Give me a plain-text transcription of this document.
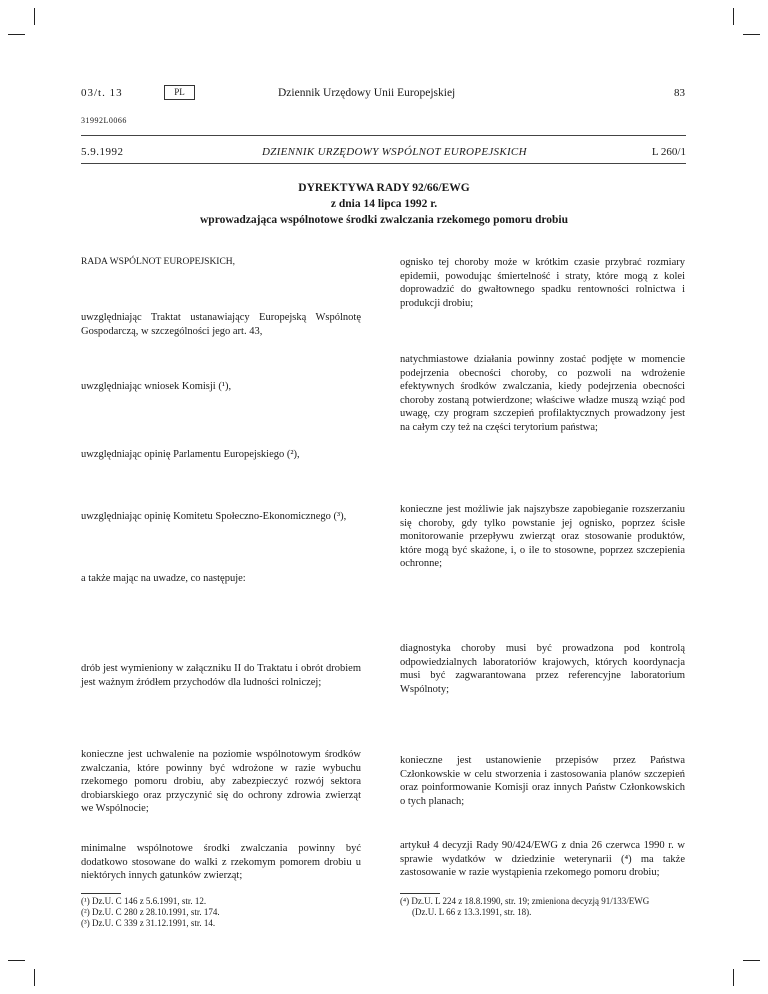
03/t. 13	PL	Dziennik Urzędowy Unii Europejskiej	83
31992L0066
5.9.1992	DZIENNIK URZĘDOWY WSPÓLNOT EUROPEJSKICH	L 260/1
DYREKTYWA RADY 92/66/EWG
z dnia 14 lipca 1992 r.
wprowadzająca wspólnotowe środki zwalczania rzekomego pomoru drobiu
RADA WSPÓLNOT EUROPEJSKICH,
uwzględniając Traktat ustanawiający Europejską Wspólnotę Gospodarczą, w szczególności jego art. 43,
uwzględniając wniosek Komisji (¹),
uwzględniając opinię Parlamentu Europejskiego (²),
uwzględniając opinię Komitetu Społeczno-Ekonomicznego (³),
a także mając na uwadze, co następuje:
drób jest wymieniony w załączniku II do Traktatu i obrót drobiem jest ważnym źródłem przychodów dla ludności rolniczej;
konieczne jest uchwalenie na poziomie wspólnotowym środków zwalczania, które powinny być wdrożone w razie wybuchu rzekomego pomoru drobiu, aby zabezpieczyć rozwój sektora drobiarskiego oraz przyczynić się do ochrony zdrowia zwierząt we Wspólnocie;
minimalne wspólnotowe środki zwalczania powinny być dodatkowo stosowane do walki z rzekomym pomorem drobiu u niektórych innych gatunków zwierząt;
ognisko tej choroby może w krótkim czasie przybrać rozmiary epidemii, powodując śmiertelność i straty, które mogą z kolei doprowadzić do gwałtownego spadku rentowności rolnictwa i produkcji drobiu;
natychmiastowe działania powinny zostać podjęte w momencie podejrzenia obecności choroby, co pozwoli na wdrożenie efektywnych środków zwalczania, kiedy podejrzenia obecności choroby zostaną potwierdzone; właściwe władze muszą wziąć pod uwagę, czy program szczepień profilaktycznych prowadzony jest na całym czy też na części terytorium państwa;
konieczne jest możliwie jak najszybsze zapobieganie rozszerzaniu się choroby, gdy tylko powstanie jej ognisko, poprzez ścisłe monitorowanie przepływu zwierząt oraz stosowanie produktów, które mogą być skażone, i, o ile to stosowne, poprzez szczepienia ochronne;
diagnostyka choroby musi być prowadzona pod kontrolą odpowiedzialnych laboratoriów krajowych, których koordynacja musi być zagwarantowana przez referencyjne laboratorium Wspólnoty;
konieczne jest ustanowienie przepisów przez Państwa Członkowskie w celu stworzenia i zastosowania planów szczepień oraz poinformowanie Komisji oraz innych Państw Członkowskich o tych planach;
artykuł 4 decyzji Rady 90/424/EWG z dnia 26 czerwca 1990 r. w sprawie wydatków w dziedzinie weterynarii (⁴) ma także zastosowanie w razie wystąpienia rzekomego pomoru drobiu;
(¹) Dz.U. C 146 z 5.6.1991, str. 12.
(²) Dz.U. C 280 z 28.10.1991, str. 174.
(³) Dz.U. C 339 z 31.12.1991, str. 14.
(⁴) Dz.U. L 224 z 18.8.1990, str. 19; zmieniona decyzją 91/133/EWG
(Dz.U. L 66 z 13.3.1991, str. 18).
